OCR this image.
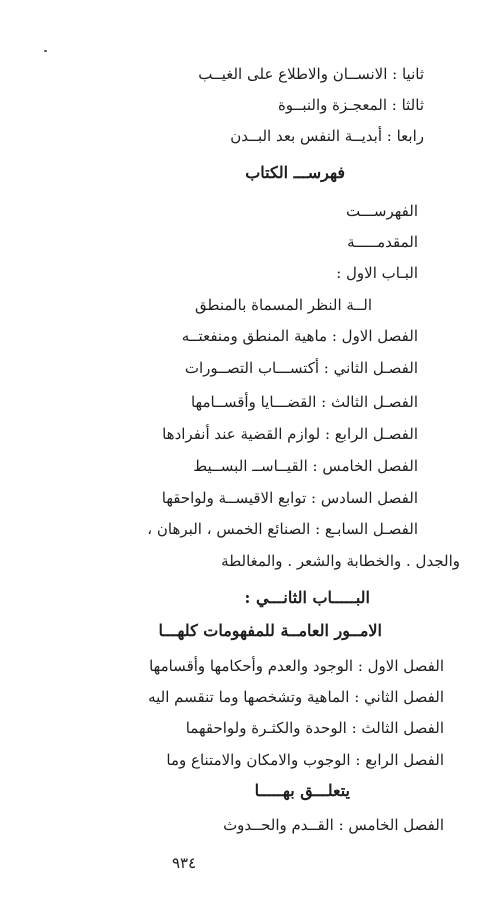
ثانيا : الانســان والاطلاع على الغيــب
ثالثا : المعجـزة والنبــوة
رابعا : أبديــة النفس بعد البــدن
فهرســـ الكتاب
الفهرســـت
المقدمـــــة
البـاب الاول :
الــة النظر المسماة بالمنطق
الفصل الاول : ماهية المنطق ومنفعتــه
الفصـل الثاني : أكتســـاب التصــورات
الفصـل الثالث : القضـــايا وأقســامها
الفصـل الرابع : لوازم القضية عند أنفرادها
الفصل الخامس : القيــاســ البســيط
الفصل السادس : توابع الاقيســة ولواحقها
الفصـل السابـع : الصنائع الخمس ، البرهان ،
والجدل . والخطابة والشعر . والمغالطة
البـــــاب الثانـــي :
الامــور العامــة للمفهومات كلهـــا
الفصل الاول : الوجود والعدم وأحكامها وأقسامها
الفصل الثاني : الماهية وتشخصها وما تنقسم اليه
الفصل الثالث : الوحدة والكثـرة ولواحقهما
الفصل الرابع : الوجوب والامكان والامتناع وما
يتعلـــق بهـــــا
الفصل الخامس : القــدم والحــدوث
٩٣٤
